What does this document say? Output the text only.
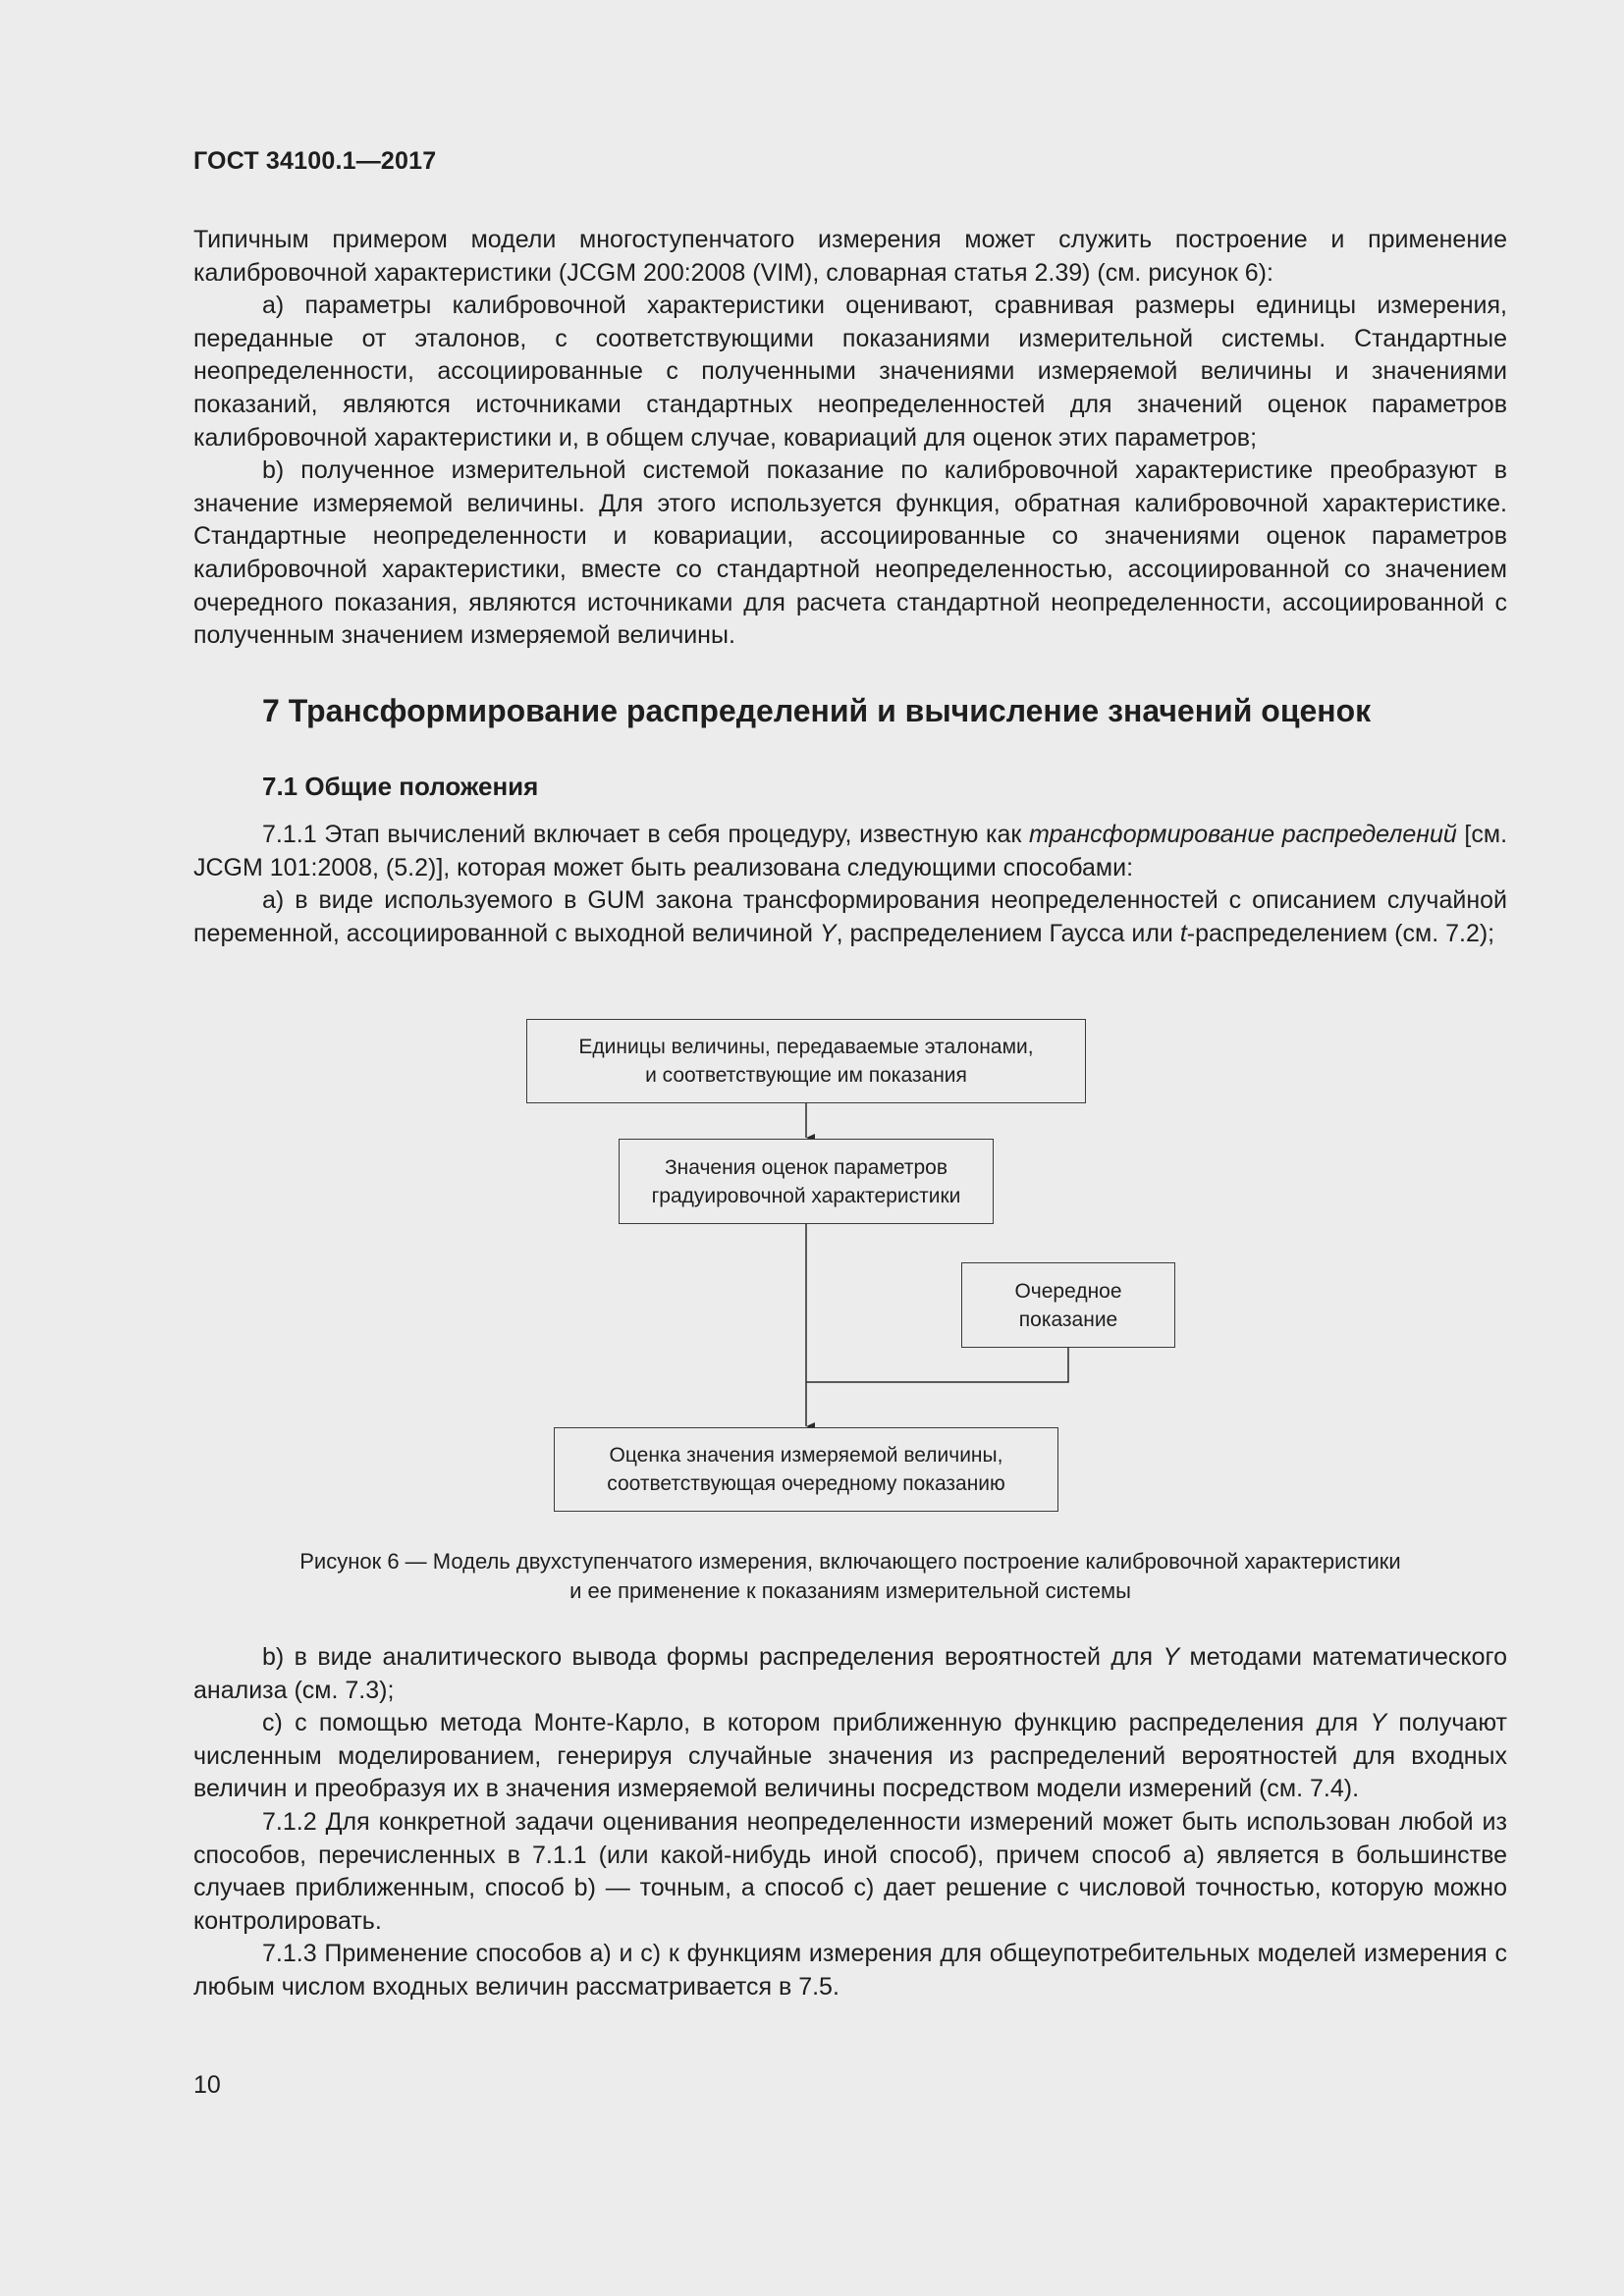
ГОСТ 34100.1—2017

Типичным примером модели многоступенчатого измерения может служить построение и применение калибровочной характеристики (JCGM 200:2008 (VIM), словарная статья 2.39) (см. рисунок 6):

a) параметры калибровочной характеристики оценивают, сравнивая размеры единицы измерения, переданные от эталонов, с соответствующими показаниями измерительной системы. Стандартные неопределенности, ассоциированные с полученными значениями измеряемой величины и значениями показаний, являются источниками стандартных неопределенностей для значений оценок параметров калибровочной характеристики и, в общем случае, ковариаций для оценок этих параметров;

b) полученное измерительной системой показание по калибровочной характеристике преобразуют в значение измеряемой величины. Для этого используется функция, обратная калибровочной характеристике. Стандартные неопределенности и ковариации, ассоциированные со значениями оценок параметров калибровочной характеристики, вместе со стандартной неопределенностью, ассоциированной со значением очередного показания, являются источниками для расчета стандартной неопределенности, ассоциированной с полученным значением измеряемой величины.

7 Трансформирование распределений и вычисление значений оценок
7.1 Общие положения

7.1.1 Этап вычислений включает в себя процедуру, известную как трансформирование распределений [см. JCGM 101:2008, (5.2)], которая может быть реализована следующими способами:

a) в виде используемого в GUM закона трансформирования неопределенностей с описанием случайной переменной, ассоциированной с выходной величиной Y, распределением Гаусса или t-распределением (см. 7.2);

Единицы величины, передаваемые эталонами,
и соответствующие им показания
Значения оценок параметров
градуировочной характеристики
Очередное
показание
Оценка значения измеряемой величины,
соответствующая очередному показанию
Рисунок 6 — Модель двухступенчатого измерения, включающего построение калибровочной характеристики
и ее применение к показаниям измерительной системы

b) в виде аналитического вывода формы распределения вероятностей для Y методами математического анализа (см. 7.3);

c) с помощью метода Монте-Карло, в котором приближенную функцию распределения для Y получают численным моделированием, генерируя случайные значения из распределений вероятностей для входных величин и преобразуя их в значения измеряемой величины посредством модели измерений (см. 7.4).

7.1.2 Для конкретной задачи оценивания неопределенности измерений может быть использован любой из способов, перечисленных в 7.1.1 (или какой-нибудь иной способ), причем способ a) является в большинстве случаев приближенным, способ b) — точным, а способ c) дает решение с числовой точностью, которую можно контролировать.

7.1.3 Применение способов a) и c) к функциям измерения для общеупотребительных моделей измерения с любым числом входных величин рассматривается в 7.5.

10
